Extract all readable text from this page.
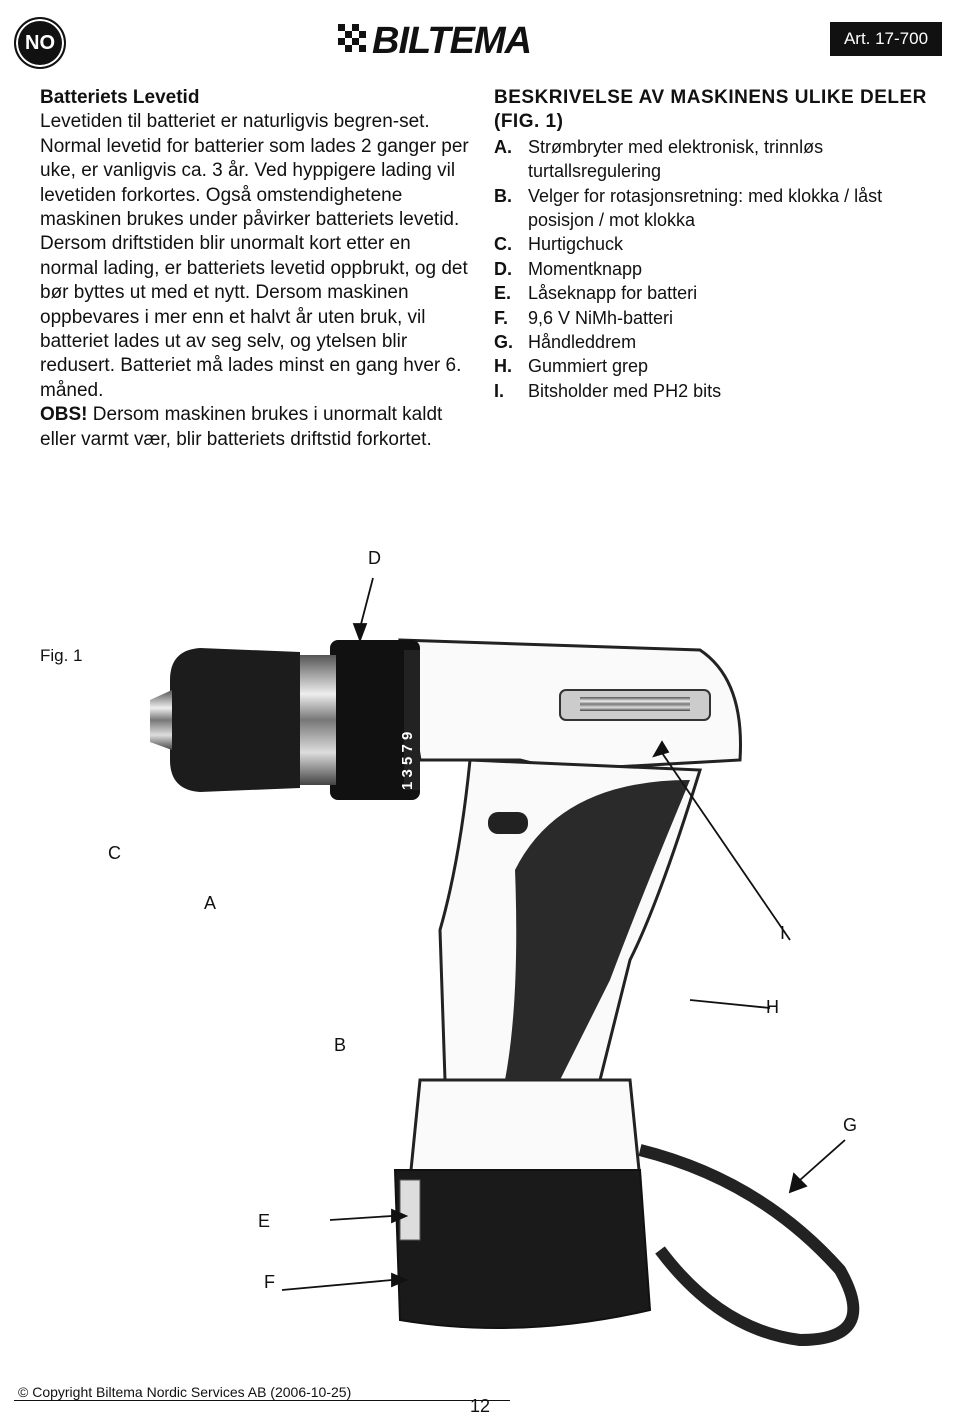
NO	BILTEMA	Art. 17-700
Batteriets Levetid

Levetiden til batteriet er naturligvis begren-set. Normal levetid for batterier som lades 2 ganger per uke, er vanligvis ca. 3 år. Ved hyppigere lading vil levetiden forkortes. Også omstendighetene maskinen brukes under påvirker batteriets levetid. Dersom driftstiden blir unormalt kort etter en normal lading, er batteriets levetid oppbrukt, og det bør byttes ut med et nytt. Dersom maskinen oppbevares i mer enn et halvt år uten bruk, vil batteriet lades ut av seg selv, og ytelsen blir redusert. Batteriet må lades minst en gang hver 6. måned.

OBS! Dersom maskinen brukes i unormalt kaldt eller varmt vær, blir batteriets driftstid forkortet.

BESKRIVELSE AV MASKINENS ULIKE DELER (FIG. 1)
A. Strømbryter med elektronisk, trinnløs turtallsregulering
B. Velger for rotasjonsretning: med klokka / låst posisjon / mot klokka
C. Hurtigchuck
D. Momentknapp
E. Låseknapp for batteri
F.	9,6 V NiMh-batteri
G. Håndleddrem
H. Gummiert grep
I.	Bitsholder med PH2 bits
Fig. 1
1 3 5 7 9
D
C
A
I
H
B
G
E
F
© Copyright Biltema Nordic Services AB (2006-10-25)
12
